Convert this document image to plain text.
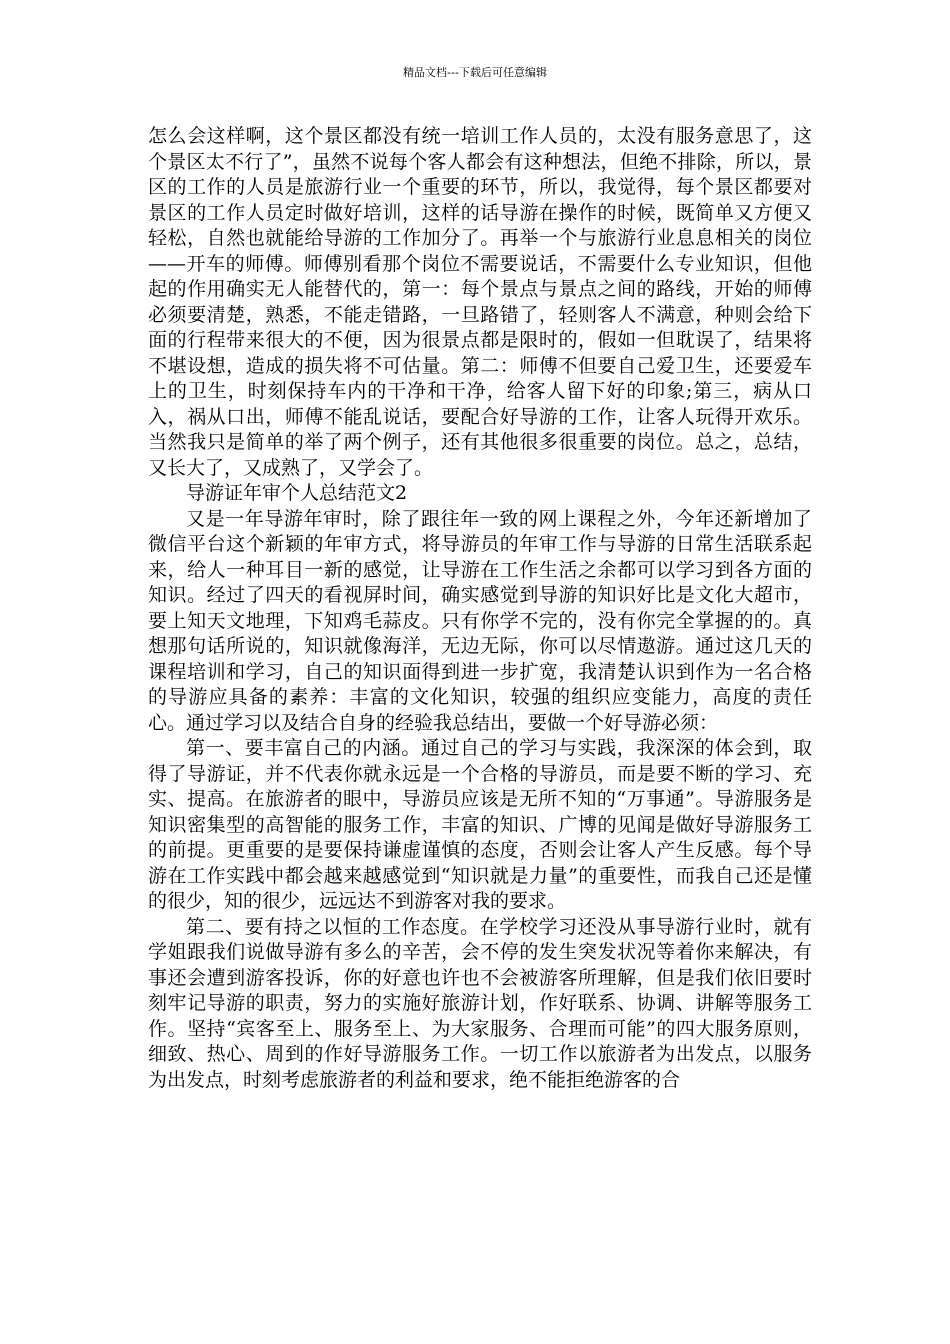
精品文档---下载后可任意编辑

怎么会这样啊，这个景区都没有统一培训工作人员的，太没有服务意思了，这个景区太不行了”，虽然不说每个客人都会有这种想法，但绝不排除，所以，景区的工作的人员是旅游行业一个重要的环节，所以，我觉得，每个景区都要对景区的工作人员定时做好培训，这样的话导游在操作的时候，既简单又方便又轻松，自然也就能给导游的工作加分了。再举一个与旅游行业息息相关的岗位——开车的师傅。师傅别看那个岗位不需要说话，不需要什么专业知识，但他起的作用确实无人能替代的，第一：每个景点与景点之间的路线，开始的师傅必须要清楚，熟悉，不能走错路，一旦路错了，轻则客人不满意，种则会给下面的行程带来很大的不便，因为很景点都是限时的，假如一但耽误了，结果将不堪设想，造成的损失将不可估量。第二：师傅不但要自己爱卫生，还要爱车上的卫生，时刻保持车内的干净和干净，给客人留下好的印象;第三，病从口入，祸从口出，师傅不能乱说话，要配合好导游的工作，让客人玩得开欢乐。当然我只是简单的举了两个例子，还有其他很多很重要的岗位。总之，总结，又长大了，又成熟了，又学会了。

导游证年审个人总结范文2

又是一年导游年审时，除了跟往年一致的网上课程之外，今年还新增加了微信平台这个新颖的年审方式，将导游员的年审工作与导游的日常生活联系起来，给人一种耳目一新的感觉，让导游在工作生活之余都可以学习到各方面的知识。经过了四天的看视屏时间，确实感觉到导游的知识好比是文化大超市，要上知天文地理，下知鸡毛蒜皮。只有你学不完的，没有你完全掌握的的。真想那句话所说的，知识就像海洋，无边无际，你可以尽情遨游。通过这几天的课程培训和学习，自己的知识面得到进一步扩宽，我清楚认识到作为一名合格的导游应具备的素养：丰富的文化知识，较强的组织应变能力，高度的责任心。通过学习以及结合自身的经验我总结出，要做一个好导游必须：

第一、要丰富自己的内涵。通过自己的学习与实践，我深深的体会到，取得了导游证，并不代表你就永远是一个合格的导游员，而是要不断的学习、充实、提高。在旅游者的眼中，导游员应该是无所不知的“万事通”。导游服务是知识密集型的高智能的服务工作，丰富的知识、广博的见闻是做好导游服务工的前提。更重要的是要保持谦虚谨慎的态度，否则会让客人产生反感。每个导游在工作实践中都会越来越感觉到“知识就是力量”的重要性，而我自己还是懂的很少，知的很少，远远达不到游客对我的要求。

第二、要有持之以恒的工作态度。在学校学习还没从事导游行业时，就有学姐跟我们说做导游有多么的辛苦，会不停的发生突发状况等着你来解决，有事还会遭到游客投诉，你的好意也许也不会被游客所理解，但是我们依旧要时刻牢记导游的职责，努力的实施好旅游计划，作好联系、协调、讲解等服务工作。坚持“宾客至上、服务至上、为大家服务、合理而可能”的四大服务原则，细致、热心、周到的作好导游服务工作。一切工作以旅游者为出发点，以服务为出发点，时刻考虑旅游者的利益和要求，绝不能拒绝游客的合
